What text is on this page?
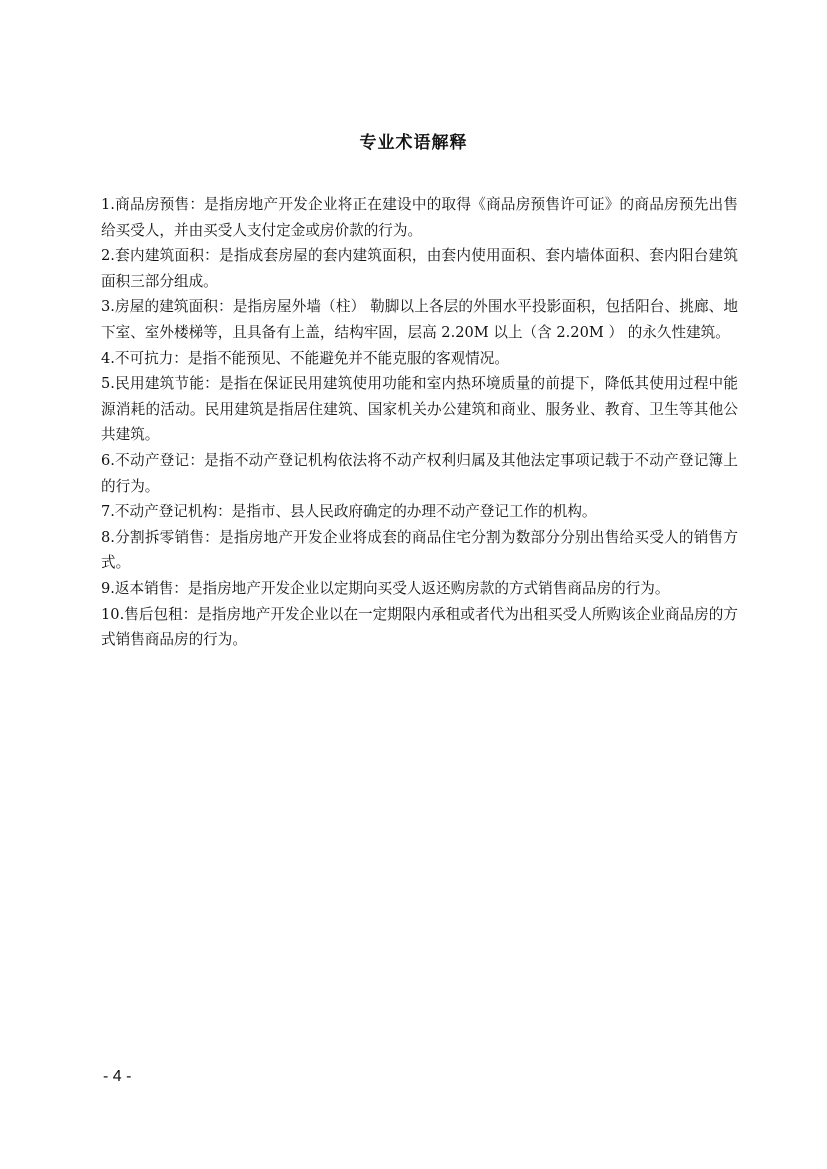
专业术语解释

1.商品房预售：是指房地产开发企业将正在建设中的取得《商品房预售许可证》的商品房预先出售给买受人，并由买受人支付定金或房价款的行为。

2.套内建筑面积：是指成套房屋的套内建筑面积，由套内使用面积、套内墙体面积、套内阳台建筑面积三部分组成。

3.房屋的建筑面积：是指房屋外墙（柱） 勒脚以上各层的外围水平投影面积，包括阳台、挑廊、地下室、室外楼梯等，且具备有上盖，结构牢固，层高 2.20M 以上（含 2.20M ） 的永久性建筑。

4.不可抗力：是指不能预见、不能避免并不能克服的客观情况。

5.民用建筑节能：是指在保证民用建筑使用功能和室内热环境质量的前提下，降低其使用过程中能源消耗的活动。民用建筑是指居住建筑、国家机关办公建筑和商业、服务业、教育、卫生等其他公共建筑。

6.不动产登记：是指不动产登记机构依法将不动产权利归属及其他法定事项记载于不动产登记簿上的行为。

7.不动产登记机构：是指市、县人民政府确定的办理不动产登记工作的机构。

8.分割拆零销售：是指房地产开发企业将成套的商品住宅分割为数部分分别出售给买受人的销售方式。

9.返本销售：是指房地产开发企业以定期向买受人返还购房款的方式销售商品房的行为。

10.售后包租：是指房地产开发企业以在一定期限内承租或者代为出租买受人所购该企业商品房的方式销售商品房的行为。

- 4 -
